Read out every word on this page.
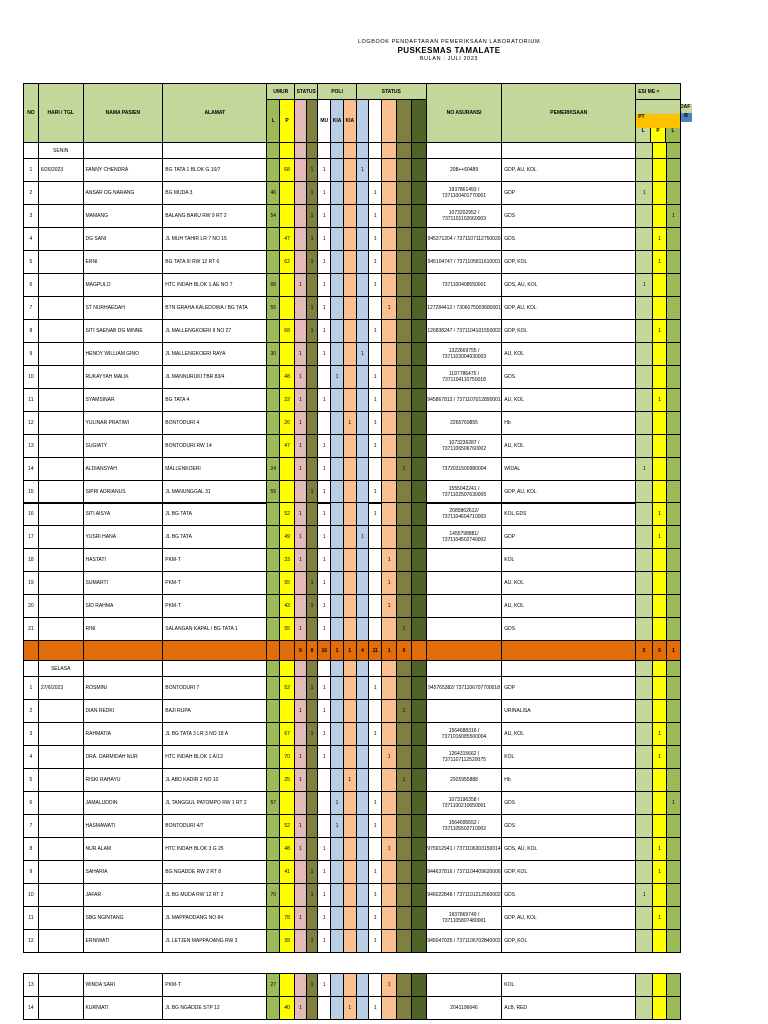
LOGBOOK PENDAFTARAN PEMERIKSAAN LABORATORIUM
PUSKESMAS TAMALATE
BULAN : JULI 2023
DAF
B
NO	HARI / TGL	NAMA PASIEN	ALAMAT	UMUR		STATUS		POLI			STATUS					NO ASURANSI	PEMERIKSAAN	ESI ME =		
				L	P			MU	KIA	KIA								PT
L P L		

	SENIN																			
1	6/26/2023	FANNY CHENDRA	BG TATA 1 BLOK G.10/7		68		1	1			1					208++60489	GDP, AU, KOL			
2		ANSAR DG NARANG	BG MUDA 3	46			1	1				1				1937861493 / 7371100401770001	GDP	1		
3		MAMANG	BALANG BARU RW 9 RT 2	54			1	1				1				1073202952 / 7371101102660003	GDS			1
4		DG SANI	JL MUH TAHIR LR 7 NO 15		47		1	1				1				945371204 / 7371107112750020	GDS		1	
5		ERNI	BG TATA III RW 12 RT 6		62		1	1				1				945104747 / 7371105811610001	GDP, KOL		1	
6		MAGPULO	HTC INDAH BLOK 1.AE NO 7	68		1		1				1				7371100408550001	GDS, AU, KOL	1		
7		ST NURHAEDAH	BTN GRAHA KALEDOWA / BG TATA	55			1	1					1			127284412 / 7306075003680001	GDP, AU, KOL			
8		SITI SAENAB DG MINNE	JL MALLENGKOERI II NO 27		68		1	1				1				126838247 / 7371104101550002	GDP, KOL		1	
9		HENDY WILLIAM GINO	JL MALLENGKOERI RAYA	30		1		1			1					1322669755 / 7371103004930003	AU, KOL			
10		RUKAYYAH MALIK	JL MANNURUKI TBR 83/4		48	1			1			1				1197786475 / 7371104110750018	GDS			
11		SYAMSINAR	BG TATA 4		32	1		1				1				945867813 / 7371107012890001	AU, KOL		1	
12		YULINAR PRATIWI	BONTODURI 4		26	1				1		1				2265769855	Hb			
13		SUGIATY	BONTODURI RW 14		47	1		1				1				1073236287 / 7371106506760002	AU, KOL			
14		ALDIANSYAH	MALLENKOERI	24		1		1						1		7372031506980004	WIDAL	1		
15		SIPRI ADRIANUS	JL MANUNGGAL 31	59			1	1				1				1555042241 / 7371102507630005	GDP, AU, KOL			
16		SITI AISYA	JL BG TATA		52	1		1				1				2085862612/ 7371104604710003	KOL,GDS		1	
17		YUSRI HANA	JL BG TATA		49	1		1			1					1455798881/ 7371104502740002	GDP		1	
18		HASTATI	PKM-T		33	1		1					1				KOL			
19		SUMARTI	PKM-T		55		1	1					1				AU, KOL			
20		SID RAHMA	PKM-T		43		1	1					1				AU, KOL			
21		RINI	SALANGAN KAPAL / BG TATA 1		55	1		1						1			GDS			
						9	8	16	1	1	4	11	1	6				5	6	1
	SELASA																			
1	27/6/2023	ROSMINI	BONTODURI 7		52		1	1				1				945765382/ 7371106707700018	GDP			
2		DIAN REDKI	BAJI RUPA			1		1						1			URINALISA			
3		RAHMATIA	JL BG TATA 3 LR 3 NO 18 A		67		1	1				1				1564688316 / 7371016085500004	AU, KOL		1	
4		DRA. DARMIDAH NUR	HTC INDAH BLOK 1 A/13		70	1		1					1			1264315662 / 7371107112520075	KOL		1	
5		RISKI RAHAYU	JL ABD KADIR 2 NO 10		25	1				1				1		2925955888	Hb			
6		JAMALUDDIN	JL TANGGUL PATOMPO RW 1 RT 2	57					1			1				1073196358 / 7371100210650001	GDS			1
7		HASMAWATI	BONTODURI 4/7		52	1			1			1				1564695652 / 7371105502710002	GDS			
8		NUR ALAM	HTC INDAH BLOK 3 G 25		48	1		1					1			975912941 / 7371106303150014	GDS, AU, KOL		1	
9		SAHARIA	BG NGADDE RW 2 RT 8		41		1	1				1				944637816 / 7371104409620006	GDP, KOL		1	
10		JAFAR	JL BG MUDA RW 12 RT 2	70			1	1				1				946022848 / 7371101212560002	GDS	1		
11		SBG NGINTANG	JL MAPPAODANG NO 84		78	1		1				1				1937869749 / 7371105807480001	GDP, AU, KOL		1	
12		ERNIWATI	JL LETJEN MAPPAOANG RW 3		39		1	1				1				945047035 / 7371106702840002	GDP, KOL			
13		WINDA SARI	PKM-T	27			1	1					1				KOL			
14		KURNIATI	JL BG NGADDE STP 12		40	1				1		1				2041196646	ALB, RED			
